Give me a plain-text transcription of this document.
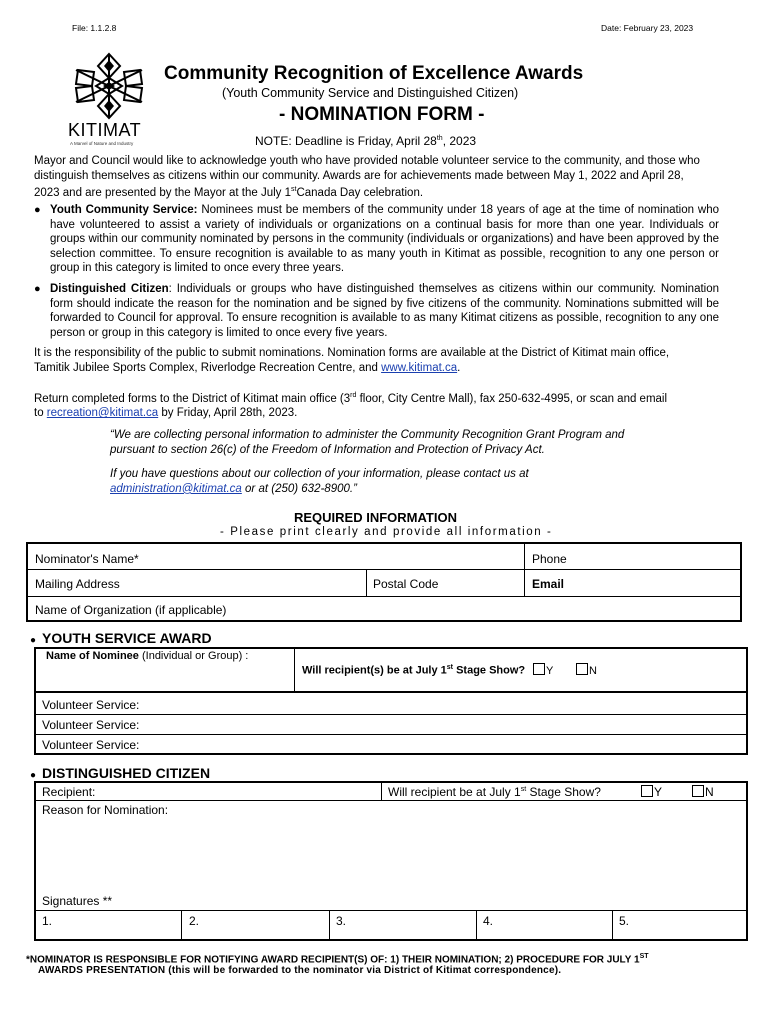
File: 1.1.2.8	Date: February 23, 2023
KITIMAT
A Marvel of Nature and Industry
Community Recognition of Excellence Awards
(Youth Community Service and Distinguished Citizen)
- NOMINATION FORM -
NOTE: Deadline is Friday, April 28th, 2023
Mayor and Council would like to acknowledge youth who have provided notable volunteer service to the community, and those who
distinguish themselves as citizens within our community. Awards are for achievements made between May 1, 2022 and April 28,
2023 and are presented by the Mayor at the July 1stCanada Day celebration.
● Youth Community Service: Nominees must be members of the community under 18 years of age at the time of nomination who have volunteered to assist a variety of individuals or organizations on a continual basis for more than one year. Individuals or groups within our community nominated by persons in the community (individuals or organizations) and have been approved by the selection committee. To ensure recognition is available to as many youth in Kitimat as possible, recognition to any one person or group in this category is limited to once every three years.
● Distinguished Citizen: Individuals or groups who have distinguished themselves as citizens within our community. Nomination form should indicate the reason for the nomination and be signed by five citizens of the community. Nominations submitted will be forwarded to Council for approval. To ensure recognition is available to as many Kitimat citizens as possible, recognition to any one person or group in this category is limited to once every five years.
It is the responsibility of the public to submit nominations. Nomination forms are available at the District of Kitimat main office,
Tamitik Jubilee Sports Complex, Riverlodge Recreation Centre, and www.kitimat.ca.
Return completed forms to the District of Kitimat main office (3rd floor, City Centre Mall), fax 250-632-4995, or scan and email
to recreation@kitimat.ca by Friday, April 28th, 2023.
“We are collecting personal information to administer the Community Recognition Grant Program and
pursuant to section 26(c) of the Freedom of Information and Protection of Privacy Act.
If you have questions about our collection of your information, please contact us at
administration@kitimat.ca or at (250) 632-8900.”
REQUIRED INFORMATION
- Please print clearly and provide all information -
Nominator's Name*	Phone
Mailing Address	Postal Code	Email
Name of Organization (if applicable)
● YOUTH SERVICE AWARD
Name of Nominee (Individual or Group) :
Will recipient(s) be at July 1st Stage Show?	Y	N
Volunteer Service:
Volunteer Service:
Volunteer Service:
● DISTINGUISHED CITIZEN
Recipient:	Will recipient be at July 1st Stage Show?	Y	N
Reason for Nomination:
Signatures **
1.	2.	3.	4.	5.
*NOMINATOR IS RESPONSIBLE FOR NOTIFYING AWARD RECIPIENT(S) OF: 1) THEIR NOMINATION; 2) PROCEDURE FOR JULY 1ST
AWARDS PRESENTATION (this will be forwarded to the nominator via District of Kitimat correspondence).
